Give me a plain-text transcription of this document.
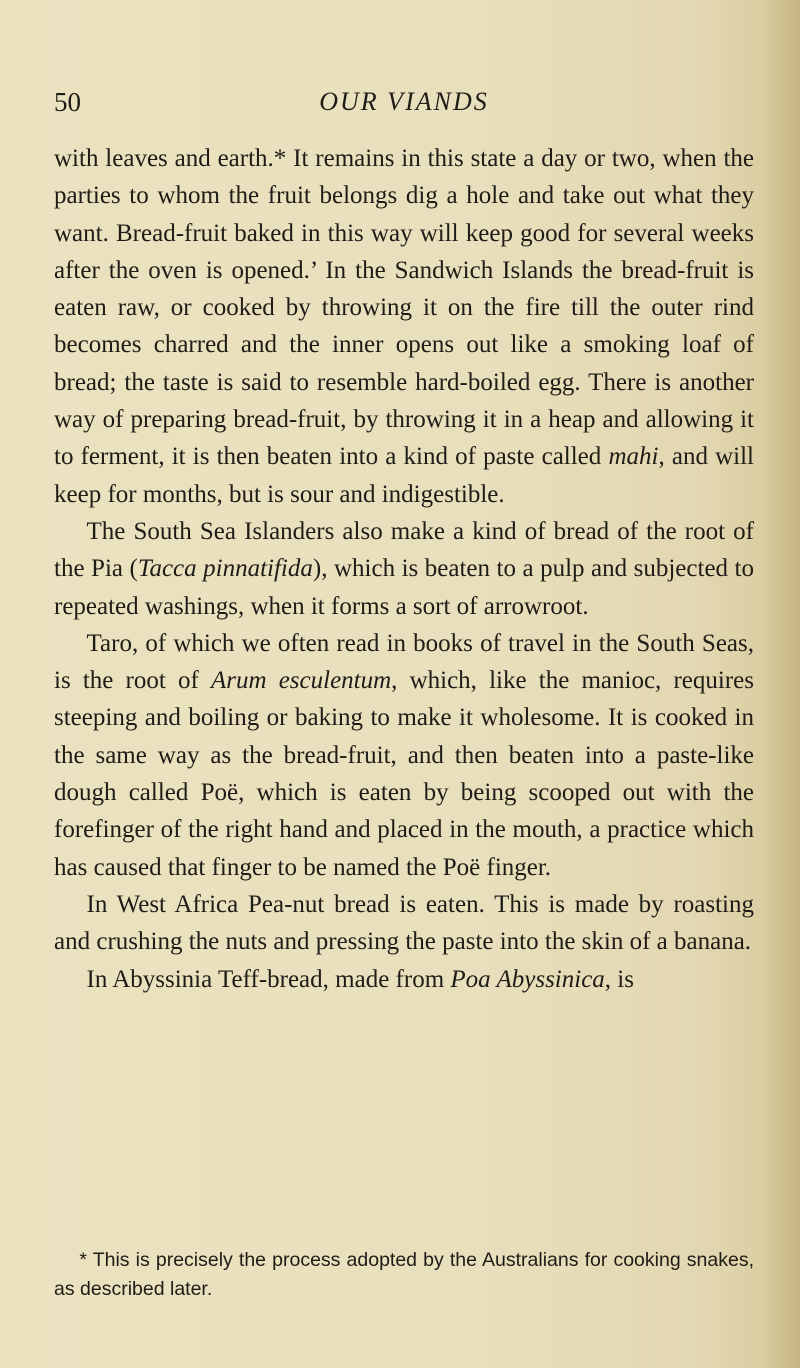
50	OUR VIANDS

with leaves and earth.* It remains in this state a day or two, when the parties to whom the fruit belongs dig a hole and take out what they want. Bread-fruit baked in this way will keep good for several weeks after the oven is opened.’ In the Sandwich Islands the bread-fruit is eaten raw, or cooked by throwing it on the fire till the outer rind becomes charred and the inner opens out like a smoking loaf of bread; the taste is said to resemble hard-boiled egg. There is another way of preparing bread-fruit, by throwing it in a heap and allowing it to ferment, it is then beaten into a kind of paste called mahi, and will keep for months, but is sour and indigestible.

The South Sea Islanders also make a kind of bread of the root of the Pia (Tacca pinnatifida), which is beaten to a pulp and subjected to repeated washings, when it forms a sort of arrowroot.

Taro, of which we often read in books of travel in the South Seas, is the root of Arum esculentum, which, like the manioc, requires steeping and boiling or baking to make it wholesome. It is cooked in the same way as the bread-fruit, and then beaten into a paste-like dough called Poë, which is eaten by being scooped out with the forefinger of the right hand and placed in the mouth, a practice which has caused that finger to be named the Poë finger.

In West Africa Pea-nut bread is eaten. This is made by roasting and crushing the nuts and pressing the paste into the skin of a banana.

In Abyssinia Teff-bread, made from Poa Abyssinica, is

* This is precisely the process adopted by the Australians for cooking snakes, as described later.
